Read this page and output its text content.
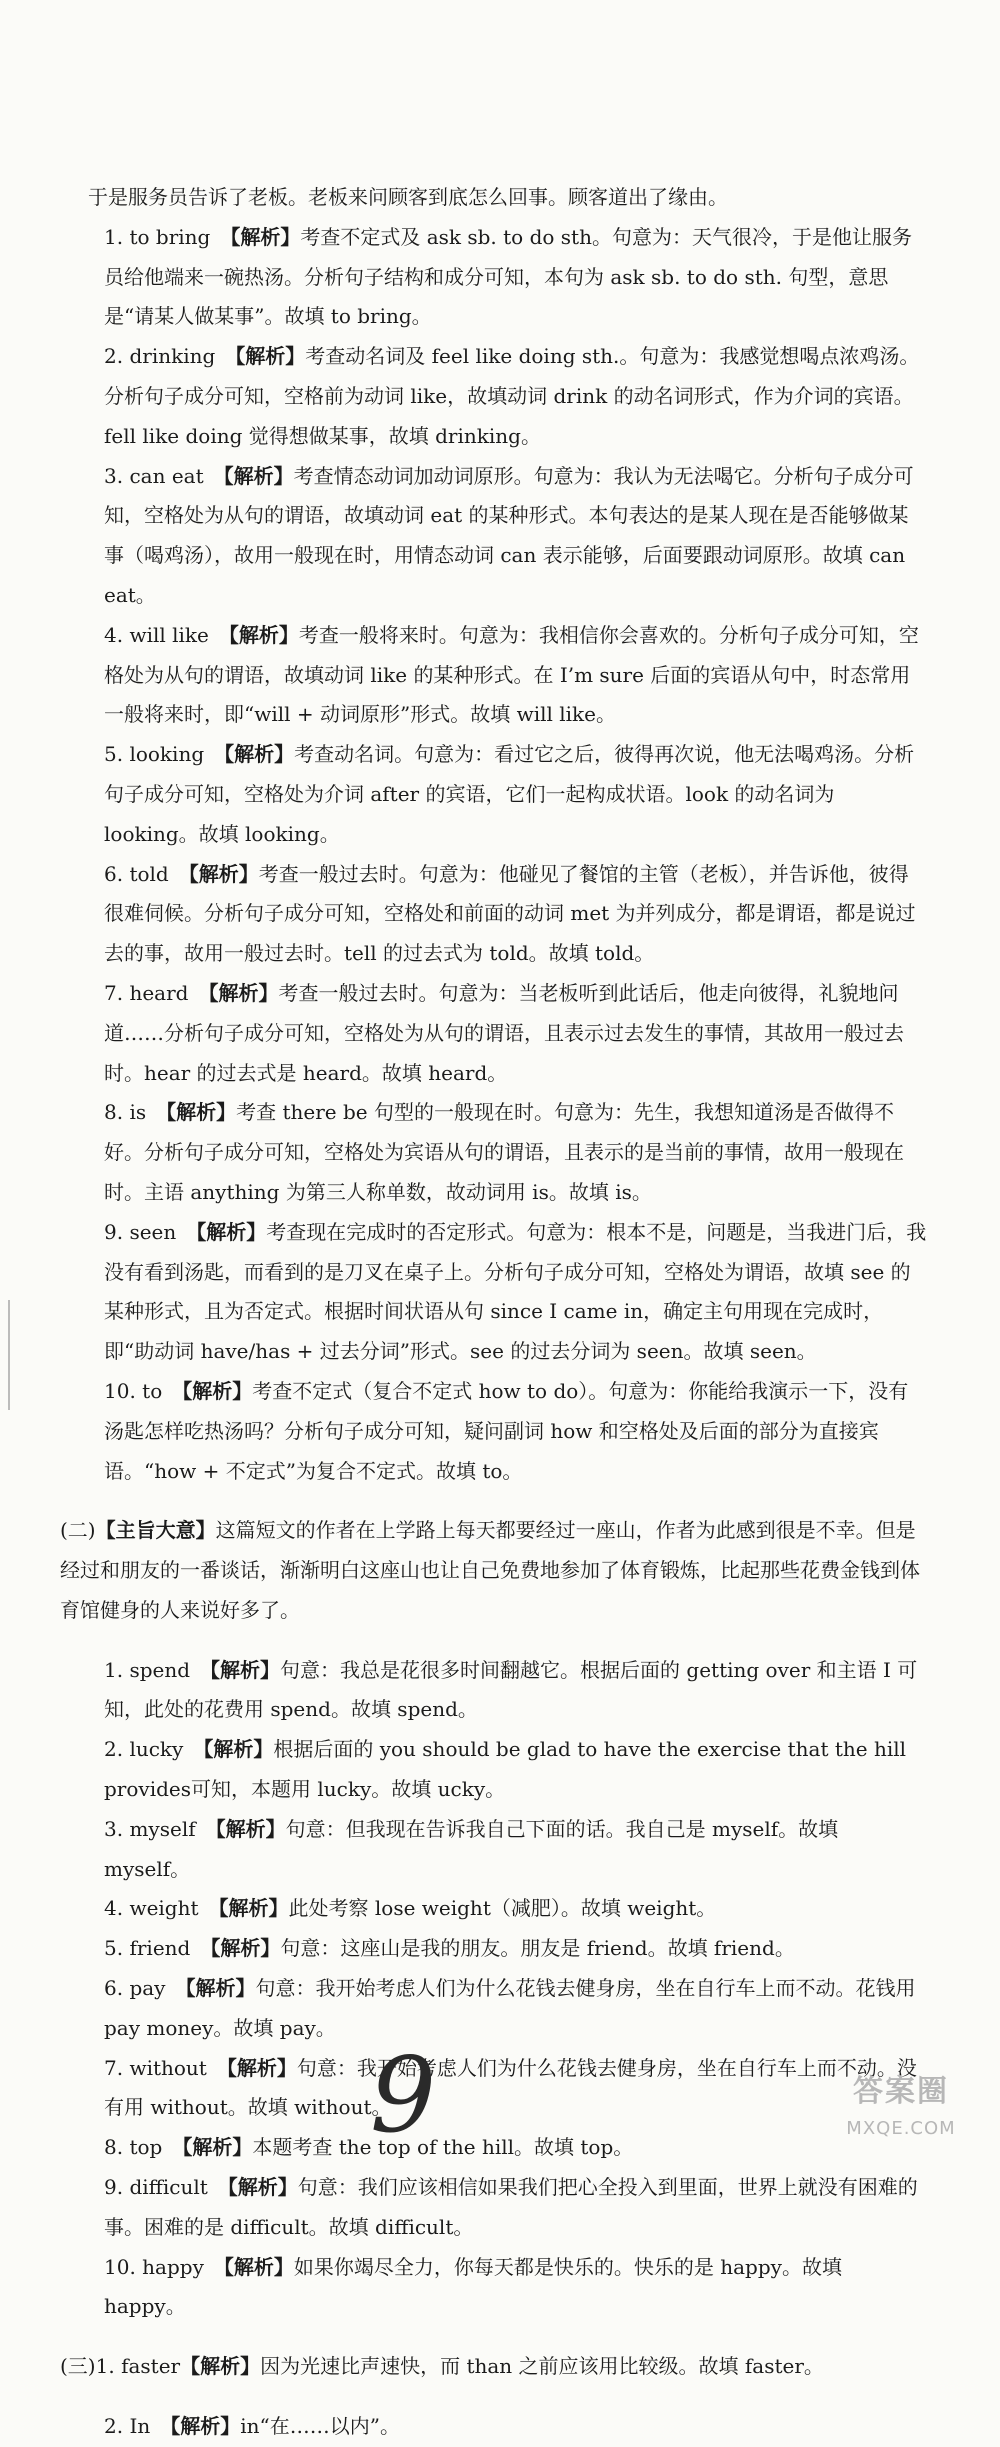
于是服务员告诉了老板。老板来问顾客到底怎么回事。顾客道出了缘由。

1. to bring 【解析】考查不定式及 ask sb. to do sth。句意为：天气很冷，于是他让服务员给他端来一碗热汤。分析句子结构和成分可知，本句为 ask sb. to do sth. 句型，意思是“请某人做某事”。故填 to bring。

2. drinking 【解析】考查动名词及 feel like doing sth.。句意为：我感觉想喝点浓鸡汤。分析句子成分可知，空格前为动词 like，故填动词 drink 的动名词形式，作为介词的宾语。fell like doing 觉得想做某事，故填 drinking。

3. can eat 【解析】考查情态动词加动词原形。句意为：我认为无法喝它。分析句子成分可知，空格处为从句的谓语，故填动词 eat 的某种形式。本句表达的是某人现在是否能够做某事（喝鸡汤），故用一般现在时，用情态动词 can 表示能够，后面要跟动词原形。故填 can eat。

4. will like 【解析】考查一般将来时。句意为：我相信你会喜欢的。分析句子成分可知，空格处为从句的谓语，故填动词 like 的某种形式。在 I’m sure 后面的宾语从句中，时态常用一般将来时，即“will + 动词原形”形式。故填 will like。

5. looking 【解析】考查动名词。句意为：看过它之后，彼得再次说，他无法喝鸡汤。分析句子成分可知，空格处为介词 after 的宾语，它们一起构成状语。look 的动名词为 looking。故填 looking。

6. told 【解析】考查一般过去时。句意为：他碰见了餐馆的主管（老板），并告诉他，彼得很难伺候。分析句子成分可知，空格处和前面的动词 met 为并列成分，都是谓语，都是说过去的事，故用一般过去时。tell 的过去式为 told。故填 told。

7. heard 【解析】考查一般过去时。句意为：当老板听到此话后，他走向彼得，礼貌地问道……分析句子成分可知，空格处为从句的谓语，且表示过去发生的事情，其故用一般过去时。hear 的过去式是 heard。故填 heard。

8. is 【解析】考查 there be 句型的一般现在时。句意为：先生，我想知道汤是否做得不好。分析句子成分可知，空格处为宾语从句的谓语，且表示的是当前的事情，故用一般现在时。主语 anything 为第三人称单数，故动词用 is。故填 is。

9. seen 【解析】考查现在完成时的否定形式。句意为：根本不是，问题是，当我进门后，我没有看到汤匙，而看到的是刀叉在桌子上。分析句子成分可知，空格处为谓语，故填 see 的某种形式，且为否定式。根据时间状语从句 since I came in，确定主句用现在完成时，即“助动词 have/has + 过去分词”形式。see 的过去分词为 seen。故填 seen。

10. to 【解析】考查不定式（复合不定式 how to do）。句意为：你能给我演示一下，没有汤匙怎样吃热汤吗？分析句子成分可知，疑问副词 how 和空格处及后面的部分为直接宾语。“how + 不定式”为复合不定式。故填 to。

(二)【主旨大意】这篇短文的作者在上学路上每天都要经过一座山，作者为此感到很是不幸。但是经过和朋友的一番谈话，渐渐明白这座山也让自己免费地参加了体育锻炼，比起那些花费金钱到体育馆健身的人来说好多了。

1. spend 【解析】句意：我总是花很多时间翻越它。根据后面的 getting over 和主语 I 可知，此处的花费用 spend。故填 spend。

2. lucky 【解析】根据后面的 you should be glad to have the exercise that the hill provides可知，本题用 lucky。故填 ucky。

3. myself 【解析】句意：但我现在告诉我自己下面的话。我自己是 myself。故填 myself。

4. weight 【解析】此处考察 lose weight（减肥）。故填 weight。

5. friend 【解析】句意：这座山是我的朋友。朋友是 friend。故填 friend。

6. pay 【解析】句意：我开始考虑人们为什么花钱去健身房，坐在自行车上而不动。花钱用 pay money。故填 pay。

7. without 【解析】句意：我开始考虑人们为什么花钱去健身房，坐在自行车上而不动。没有用 without。故填 without。

8. top 【解析】本题考查 the top of the hill。故填 top。

9. difficult 【解析】句意：我们应该相信如果我们把心全投入到里面，世界上就没有困难的事。困难的是 difficult。故填 difficult。

10. happy 【解析】如果你竭尽全力，你每天都是快乐的。快乐的是 happy。故填 happy。

(三)1. faster【解析】因为光速比声速快，而 than 之前应该用比较级。故填 faster。

2. In 【解析】in“在……以内”。

9	答案圈
MXQE.COM
